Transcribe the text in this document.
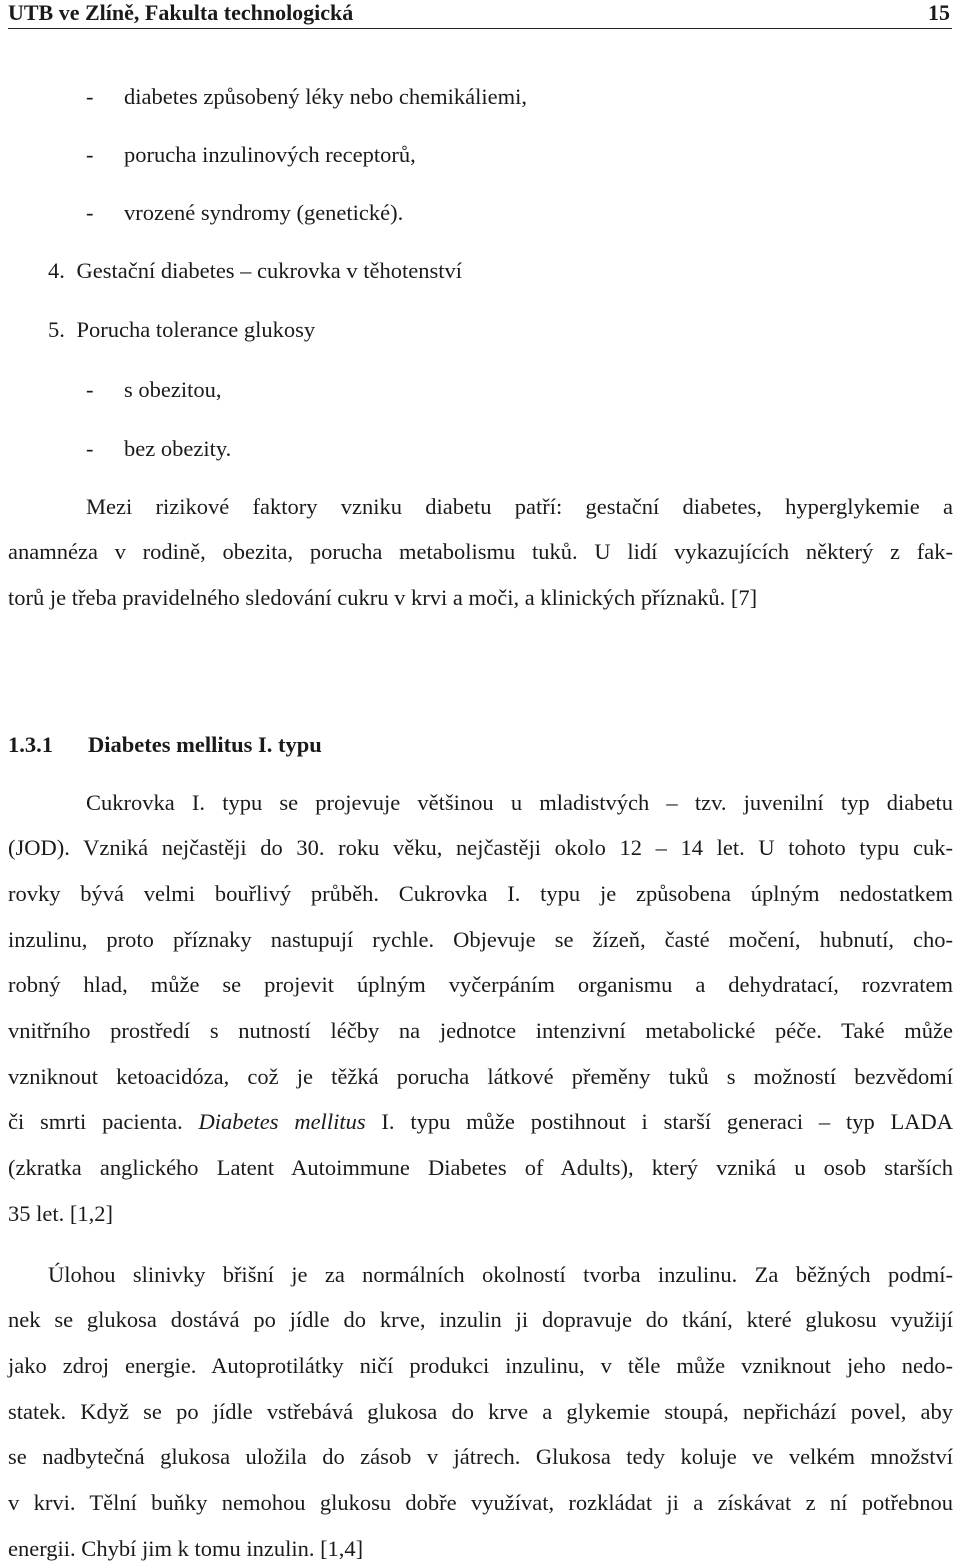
UTB ve Zlíně, Fakulta technologická	15
- diabetes způsobený léky nebo chemikáliemi,
- porucha inzulinových receptorů,
- vrozené syndromy (genetické).
4. Gestační diabetes – cukrovka v těhotenství
5. Porucha tolerance glukosy
- s obezitou,
- bez obezity.
Mezi rizikové faktory vzniku diabetu patří: gestační diabetes, hyperglykemie a
anamnéza v rodině, obezita, porucha metabolismu tuků. U lidí vykazujících některý z fak-
torů je třeba pravidelného sledování cukru v krvi a moči, a klinických příznaků. [7]
1.3.1 Diabetes mellitus I. typu
Cukrovka I. typu se projevuje většinou u mladistvých – tzv. juvenilní typ diabetu
(JOD). Vzniká nejčastěji do 30. roku věku, nejčastěji okolo 12 – 14 let. U tohoto typu cuk-
rovky bývá velmi bouřlivý průběh. Cukrovka I. typu je způsobena úplným nedostatkem
inzulinu, proto příznaky nastupují rychle. Objevuje se žízeň, časté močení, hubnutí, cho-
robný hlad, může se projevit úplným vyčerpáním organismu a dehydratací, rozvratem
vnitřního prostředí s nutností léčby na jednotce intenzivní metabolické péče. Také může
vzniknout ketoacidóza, což je těžká porucha látkové přeměny tuků s možností bezvědomí
či smrti pacienta. Diabetes mellitus I. typu může postihnout i starší generaci – typ LADA
(zkratka anglického Latent Autoimmune Diabetes of Adults), který vzniká u osob starších
35 let. [1,2]
Úlohou slinivky břišní je za normálních okolností tvorba inzulinu. Za běžných podmí-
nek se glukosa dostává po jídle do krve, inzulin ji dopravuje do tkání, které glukosu využijí
jako zdroj energie. Autoprotilátky ničí produkci inzulinu, v těle může vzniknout jeho nedo-
statek. Když se po jídle vstřebává glukosa do krve a glykemie stoupá, nepřichází povel, aby
se nadbytečná glukosa uložila do zásob v játrech. Glukosa tedy koluje ve velkém množství
v krvi. Tělní buňky nemohou glukosu dobře využívat, rozkládat ji a získávat z ní potřebnou
energii. Chybí jim k tomu inzulin. [1,4]
